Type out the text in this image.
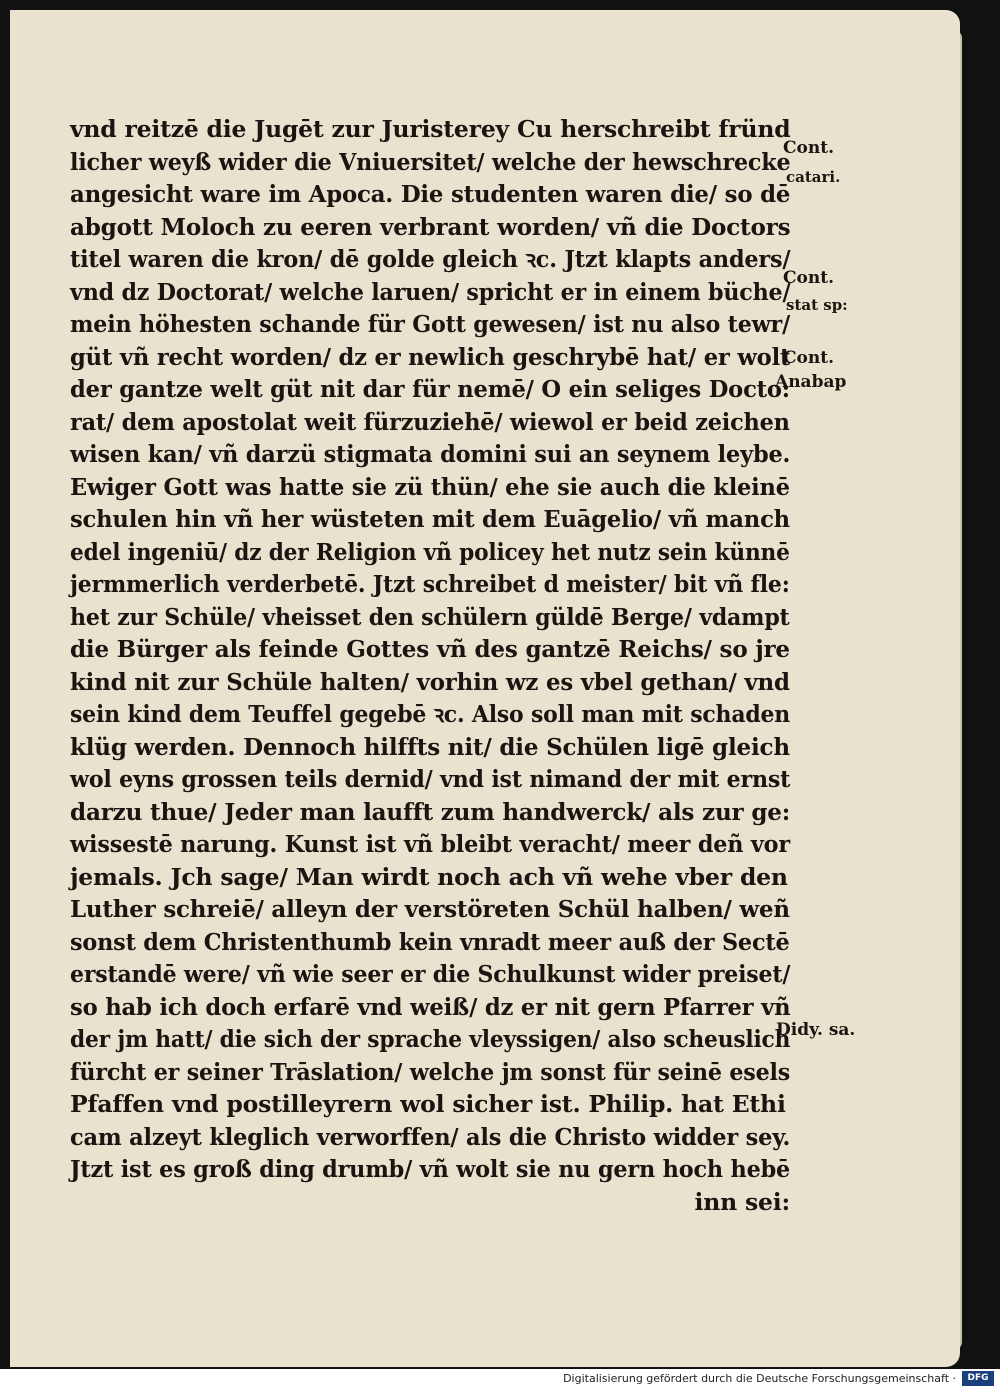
vnd reitzē die Jugēt zur Juristerey Cu herschreibt fründ
licher weyß wider die Vniuersitet/ welche der hewschrecke
angesicht ware im Apoca. Die studenten waren die/ so dē
abgott Moloch zu eeren verbrant worden/ vñ die Doctors
titel waren die kron/ dē golde gleich ꝛc. Jtzt klapts anders/
vnd dz Doctorat/ welche laruen/ spricht er in einem büche/
mein höhesten schande für Gott gewesen/ ist nu also tewr/
güt vñ recht worden/ dz er newlich geschrybē hat/ er wolt
der gantze welt güt nit dar für nemē/ O ein seliges Docto:
rat/ dem apostolat weit fürzuziehē/ wiewol er beid zeichen
wisen kan/ vñ darzü stigmata domini sui an seynem leybe.
Ewiger Gott was hatte sie zü thün/ ehe sie auch die kleinē
schulen hin vñ her wüsteten mit dem Euāgelio/ vñ manch
edel ingeniū/ dz der Religion vñ policey het nutz sein künnē
jermmerlich verderbetē. Jtzt schreibet d meister/ bit vñ fle:
het zur Schüle/ vheisset den schülern güldē Berge/ vdampt
die Bürger als feinde Gottes vñ des gantzē Reichs/ so jre
kind nit zur Schüle halten/ vorhin wz es vbel gethan/ vnd
sein kind dem Teuffel gegebē ꝛc. Also soll man mit schaden
klüg werden. Dennoch hilffts nit/ die Schülen ligē gleich
wol eyns grossen teils dernid/ vnd ist nimand der mit ernst
darzu thue/ Jeder man laufft zum handwerck/ als zur ge:
wissestē narung. Kunst ist vñ bleibt veracht/ meer deñ vor
jemals. Jch sage/ Man wirdt noch ach vñ wehe vber den
Luther schreiē/ alleyn der verstöreten Schül halben/ weñ
sonst dem Christenthumb kein vnradt meer auß der Sectē
erstandē were/ vñ wie seer er die Schulkunst wider preiset/
so hab ich doch erfarē vnd weiß/ dz er nit gern Pfarrer vñ
der jm hatt/ die sich der sprache vleyssigen/ also scheuslich
fürcht er seiner Trāslation/ welche jm sonst für seinē esels
Pfaffen vnd postilleyrern wol sicher ist. Philip. hat Ethi
cam alzeyt kleglich verworffen/ als die Christo widder sey.
Jtzt ist es groß ding drumb/ vñ wolt sie nu gern hoch hebē
inn sei:
Cont.
catari.
Cont.
stat sp:
Cont.
Anabap
Didy. sa.
Digitalisierung gefördert durch die Deutsche Forschungsgemeinschaft ·	DFG
